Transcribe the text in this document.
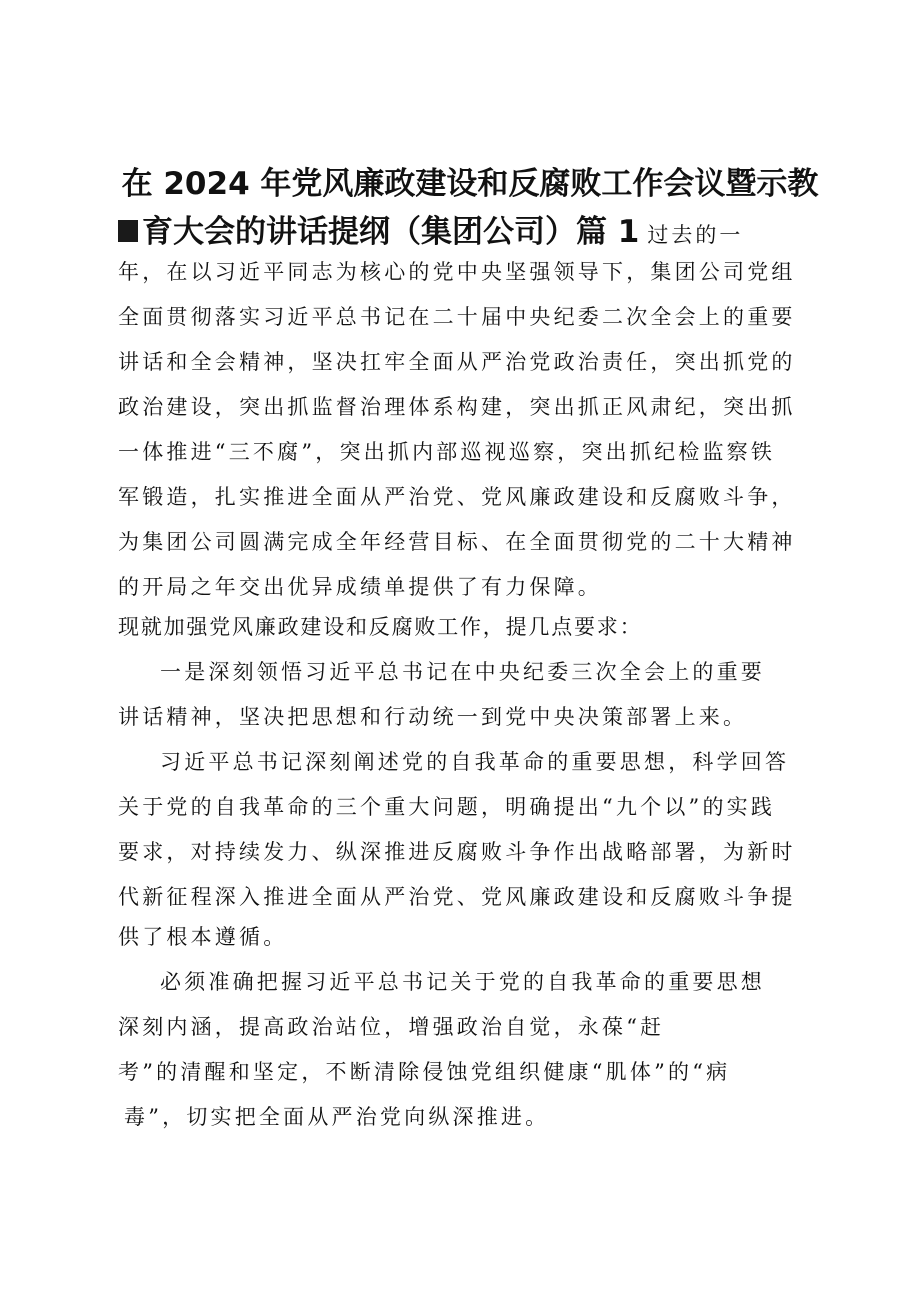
在 2024 年党风廉政建设和反腐败工作会议暨示教
育大会的讲话提纲（集团公司）篇 1 过去的一
年，在以习近平同志为核心的党中央坚强领导下，集团公司党组
全面贯彻落实习近平总书记在二十届中央纪委二次全会上的重要
讲话和全会精神，坚决扛牢全面从严治党政治责任，突出抓党的
政治建设，突出抓监督治理体系构建，突出抓正风肃纪，突出抓
一体推进“三不腐”，突出抓内部巡视巡察，突出抓纪检监察铁
军锻造，扎实推进全面从严治党、党风廉政建设和反腐败斗争，
为集团公司圆满完成全年经营目标、在全面贯彻党的二十大精神
的开局之年交出优异成绩单提供了有力保障。
现就加强党风廉政建设和反腐败工作，提几点要求：
一是深刻领悟习近平总书记在中央纪委三次全会上的重要
讲话精神，坚决把思想和行动统一到党中央决策部署上来。
习近平总书记深刻阐述党的自我革命的重要思想，科学回答
关于党的自我革命的三个重大问题，明确提出“九个以”的实践
要求，对持续发力、纵深推进反腐败斗争作出战略部署，为新时
代新征程深入推进全面从严治党、党风廉政建设和反腐败斗争提
供了根本遵循。
必须准确把握习近平总书记关于党的自我革命的重要思想
深刻内涵，提高政治站位，增强政治自觉，永葆“赶
考”的清醒和坚定，不断清除侵蚀党组织健康“肌体”的“病
毒”，切实把全面从严治党向纵深推进。
